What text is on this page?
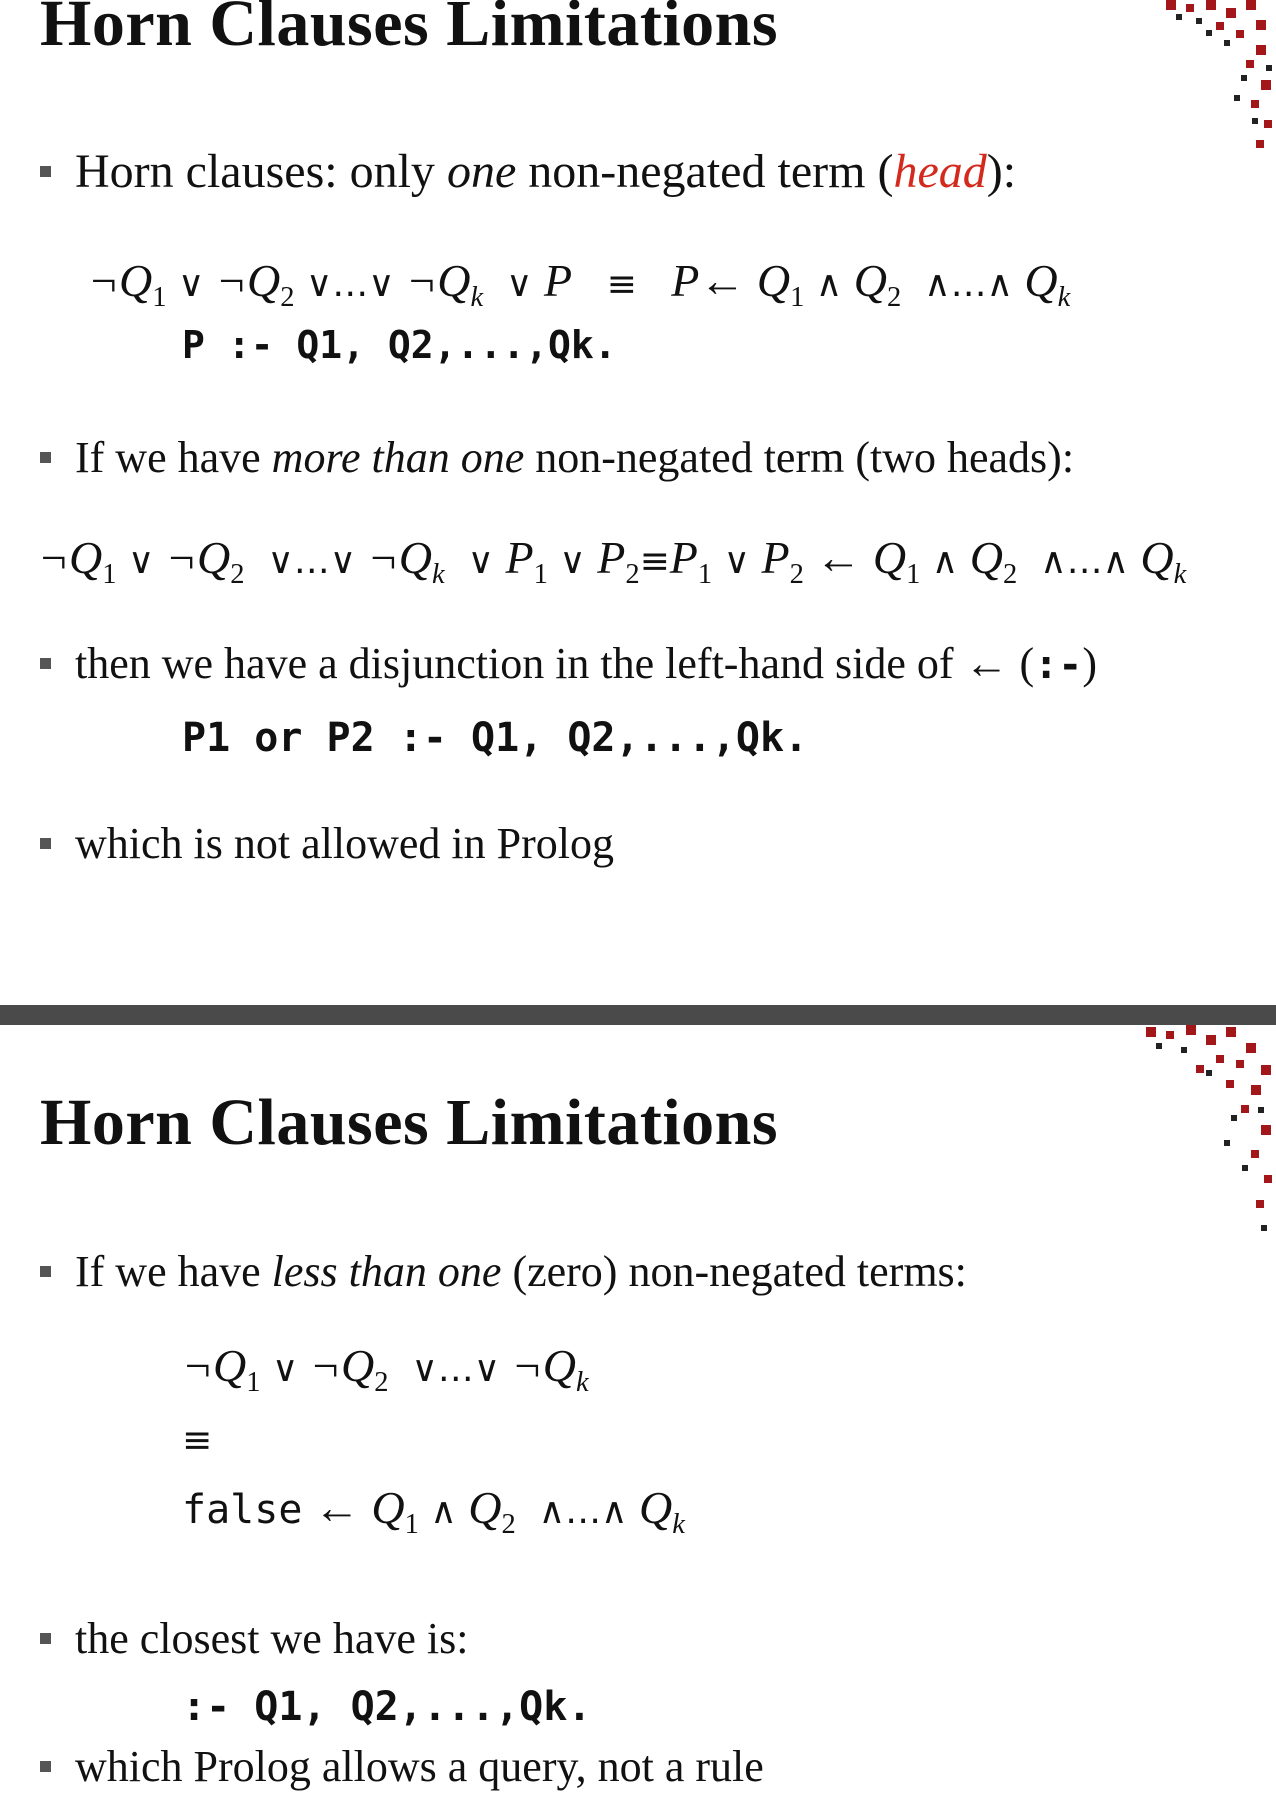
Horn Clauses Limitations
Horn clauses: only one non-negated term (head):
$\neg Q_1$ ∨ $\neg Q_2$ ∨…∨ $\neg Q_k$ ∨ P ≡ P← $Q_1$ ∧ $Q_2$ ∧…∧ $Q_k$
P :- Q1, Q2,...,Qk.
If we have more than one non-negated term (two heads):
$\neg Q_1$ ∨ $\neg Q_2$ ∨…∨ $\neg Q_k$ ∨ $P_1$ ∨ $P_2\equiv P_1$ ∨ $P_2$ ← $Q_1$ ∧ $Q_2$ ∧…∧ $Q_k$
then we have a disjunction in the left-hand side of ← (:-)
P1 or P2 :- Q1, Q2,...,Qk.
which is not allowed in Prolog
Horn Clauses Limitations
If we have less than one (zero) non-negated terms:
$\neg Q_1$ ∨ $\neg Q_2$ ∨…∨ $\neg Q_k$
≡
false ← $Q_1$ ∧ $Q_2$ ∧…∧ $Q_k$
the closest we have is:
:- Q1, Q2,...,Qk.
which Prolog allows a query, not a rule
